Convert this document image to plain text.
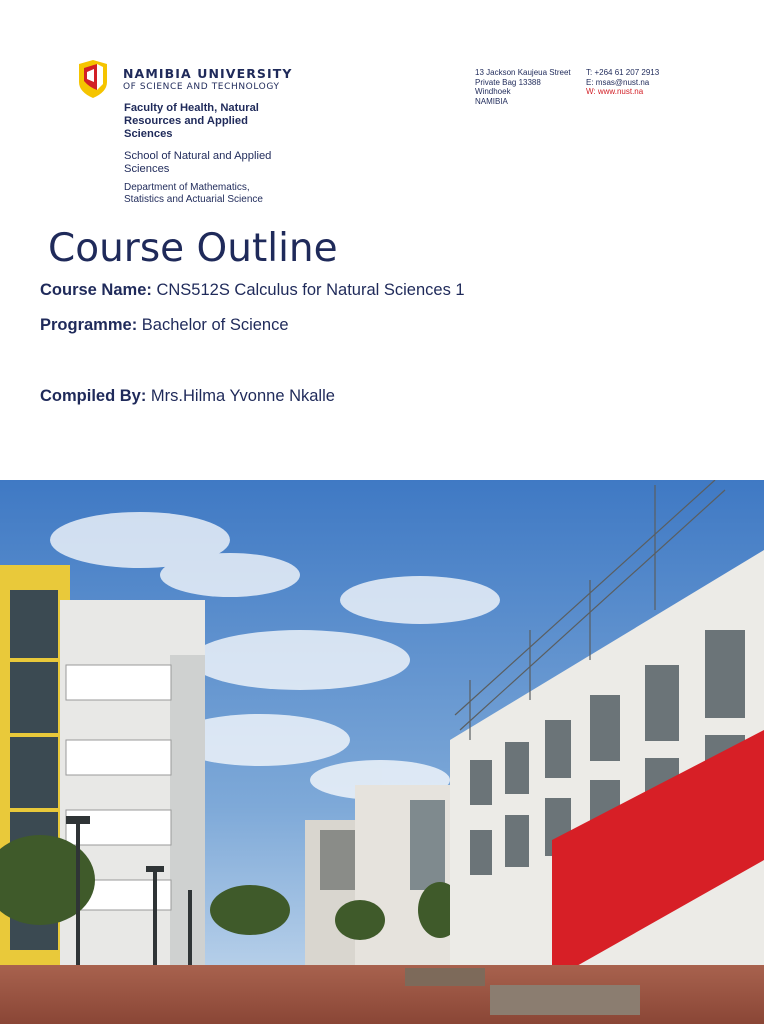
NAMIBIA UNIVERSITY
OF SCIENCE AND TECHNOLOGY
Faculty of Health, Natural
Resources and Applied
Sciences
School of Natural and Applied
Sciences
Department of Mathematics,
Statistics and Actuarial Science
13 Jackson Kaujeua Street
Private Bag 13388
Windhoek
NAMIBIA
T: +264 61 207 2913
E: msas@nust.na
W: www.nust.na
Course Outline
Course Name: CNS512S Calculus for Natural Sciences 1
Programme: Bachelor of Science
Compiled By: Mrs.Hilma Yvonne Nkalle
